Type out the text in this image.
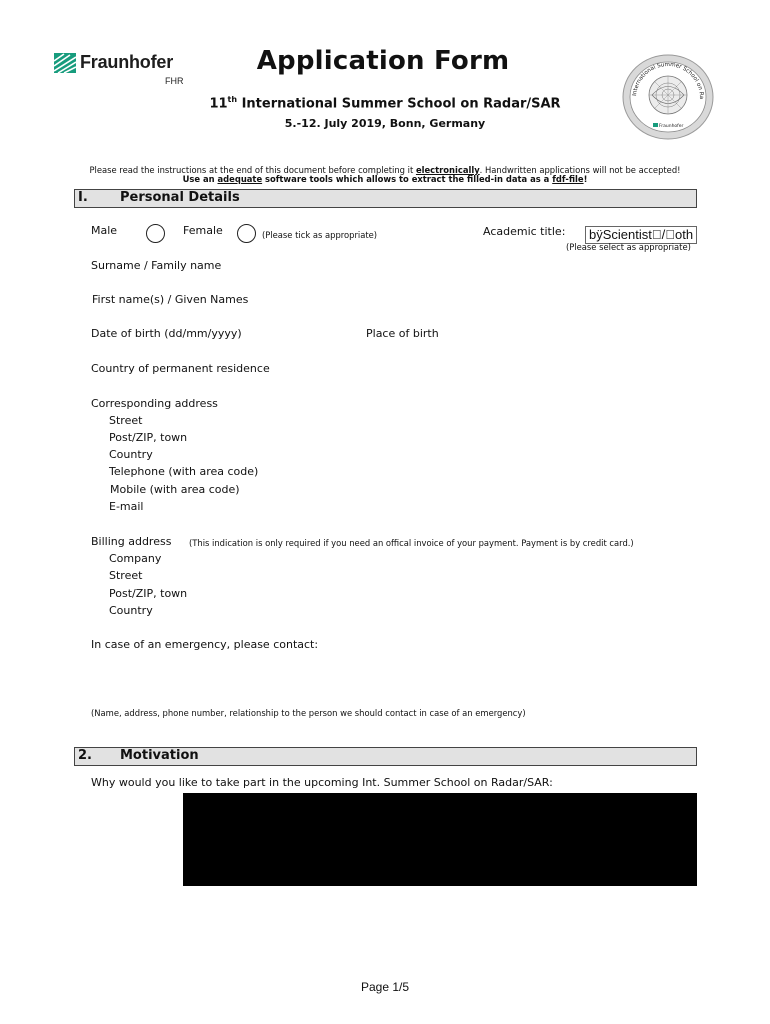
Fraunhofer
FHR
Application Form
11th International Summer School on Radar/SAR
5.-12. July 2019, Bonn, Germany
International Summer School on Ra
Fraunhofer
Please read the instructions at the end of this document before completing it electronically. Handwritten applications will not be accepted!
Use an adequate software tools which allows to extract the filled-in data as a fdf-file!
I. Personal Details
Male	Female	(Please tick as appropriate)	Academic title:	bÿScientist / oth
(Please select as appropriate)
Surname / Family name
First name(s) / Given Names
Date of birth (dd/mm/yyyy)	Place of birth
Country of permanent residence
Corresponding address
Street
Post/ZIP, town
Country
Telephone (with area code)
Mobile (with area code)
E-mail
Billing address (This indication is only required if you need an offical invoice of your payment. Payment is by credit card.)
Company
Street
Post/ZIP, town
Country
In case of an emergency, please contact:
(Name, address, phone number, relationship to the person we should contact in case of an emergency)
2. Motivation
Why would you like to take part in the upcoming Int. Summer School on Radar/SAR:
Page 1/5
